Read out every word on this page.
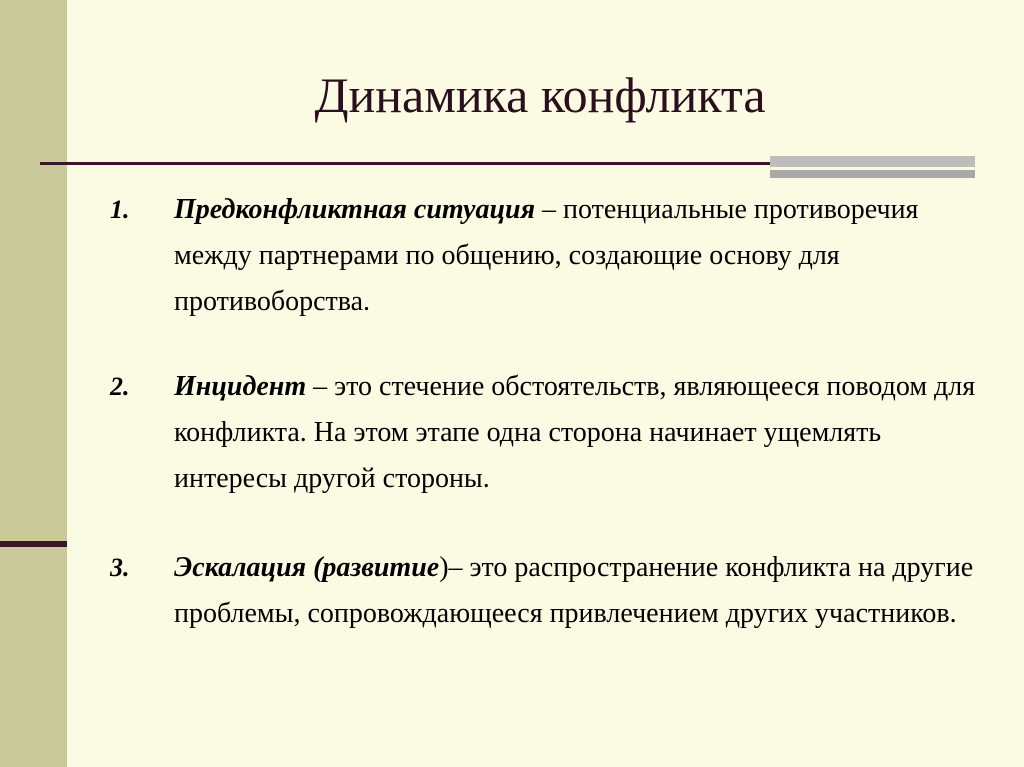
Динамика конфликта
1. Предконфликтная ситуация – потенциальные противоречия между партнерами по общению, создающие основу для противоборства.
2. Инцидент – это стечение обстоятельств, являющееся поводом для конфликта. На этом этапе одна сторона начинает ущемлять интересы другой стороны.
3. Эскалация (развитие)– это распространение конфликта на другие проблемы, сопровождающееся привлечением других участников.
